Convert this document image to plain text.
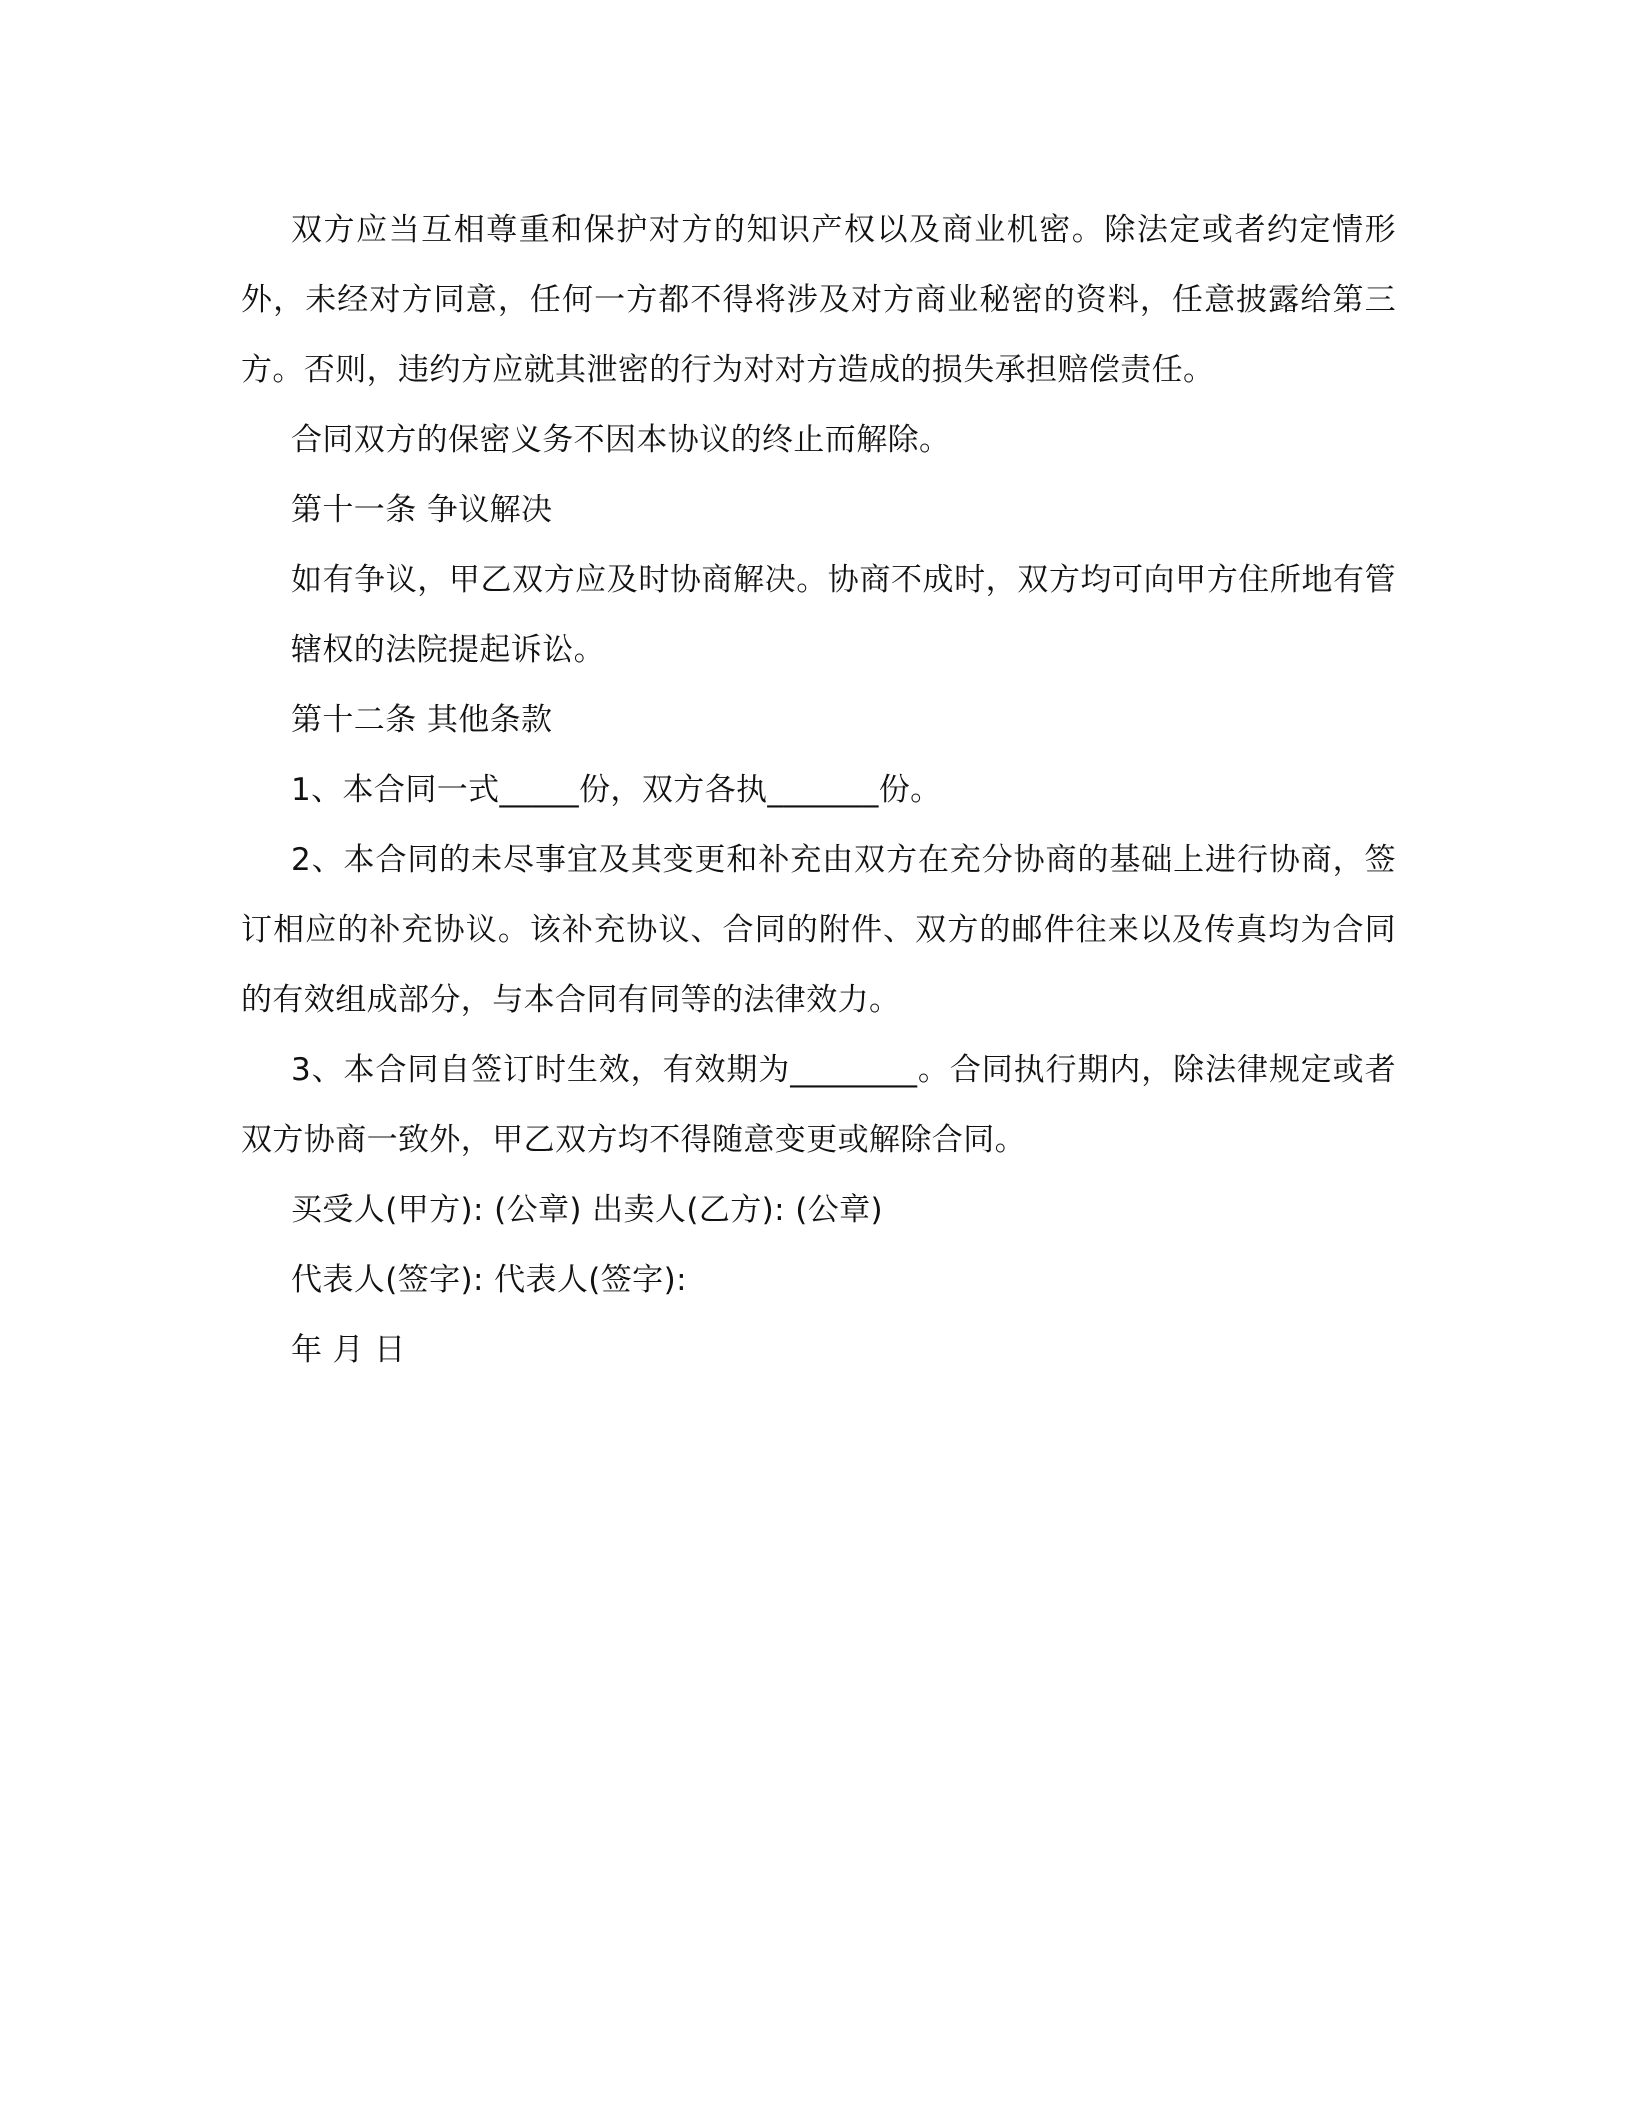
双方应当互相尊重和保护对方的知识产权以及商业机密。除法定或者约定情形外，未经对方同意，任何一方都不得将涉及对方商业秘密的资料，任意披露给第三方。否则，违约方应就其泄密的行为对对方造成的损失承担赔偿责任。

合同双方的保密义务不因本协议的终止而解除。

第十一条 争议解决

如有争议，甲乙双方应及时协商解决。协商不成时，双方均可向甲方住所地有管辖权的法院提起诉讼。

第十二条 其他条款

1、本合同一式_____份，双方各执_______份。

2、本合同的未尽事宜及其变更和补充由双方在充分协商的基础上进行协商，签订相应的补充协议。该补充协议、合同的附件、双方的邮件往来以及传真均为合同的有效组成部分，与本合同有同等的法律效力。

3、本合同自签订时生效，有效期为________。合同执行期内，除法律规定或者双方协商一致外，甲乙双方均不得随意变更或解除合同。

买受人(甲方): (公章) 出卖人(乙方): (公章)

代表人(签字): 代表人(签字):

年 月 日
